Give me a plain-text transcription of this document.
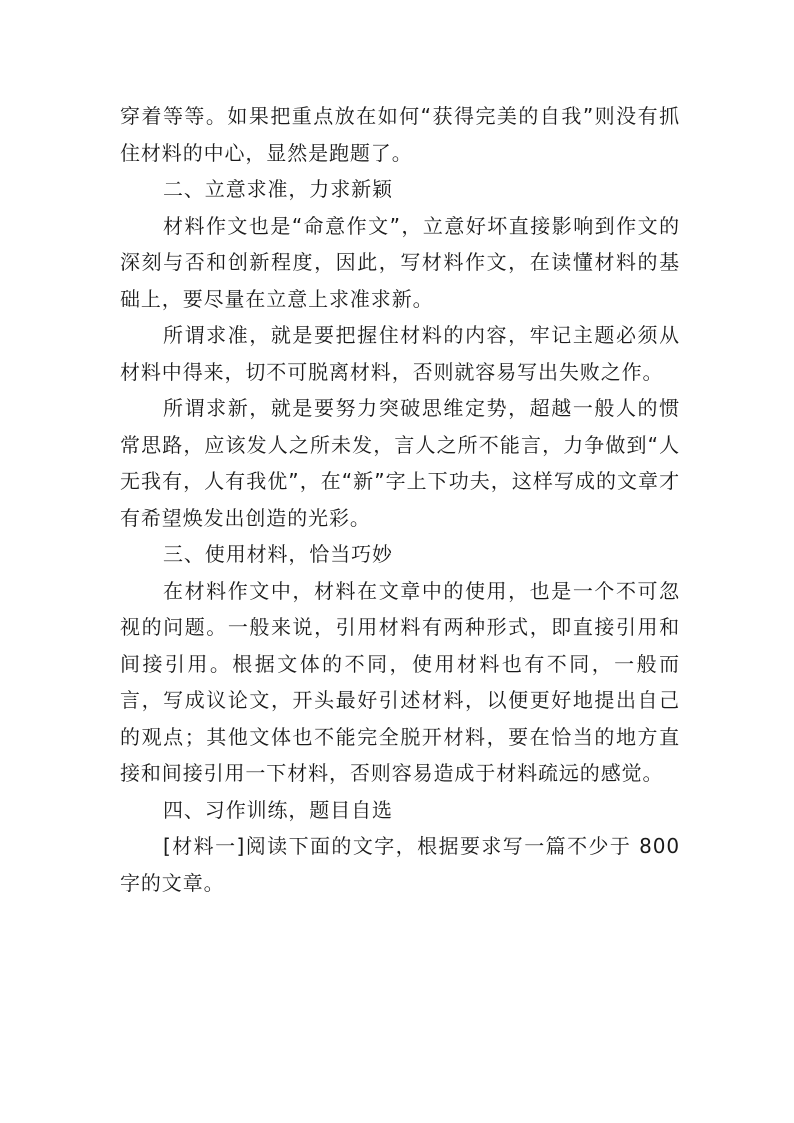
穿着等等。如果把重点放在如何“获得完美的自我”则没有抓住材料的中心，显然是跑题了。

二、立意求准，力求新颖

材料作文也是“命意作文”，立意好坏直接影响到作文的深刻与否和创新程度，因此，写材料作文，在读懂材料的基础上，要尽量在立意上求准求新。

所谓求准，就是要把握住材料的内容，牢记主题必须从材料中得来，切不可脱离材料，否则就容易写出失败之作。

所谓求新，就是要努力突破思维定势，超越一般人的惯常思路，应该发人之所未发，言人之所不能言，力争做到“人无我有，人有我优”，在“新”字上下功夫，这样写成的文章才有希望焕发出创造的光彩。

三、使用材料，恰当巧妙

在材料作文中，材料在文章中的使用，也是一个不可忽视的问题。一般来说，引用材料有两种形式，即直接引用和间接引用。根据文体的不同，使用材料也有不同，一般而言，写成议论文，开头最好引述材料，以便更好地提出自己的观点；其他文体也不能完全脱开材料，要在恰当的地方直接和间接引用一下材料，否则容易造成于材料疏远的感觉。

四、习作训练，题目自选

[材料一]阅读下面的文字，根据要求写一篇不少于 800字的文章。
